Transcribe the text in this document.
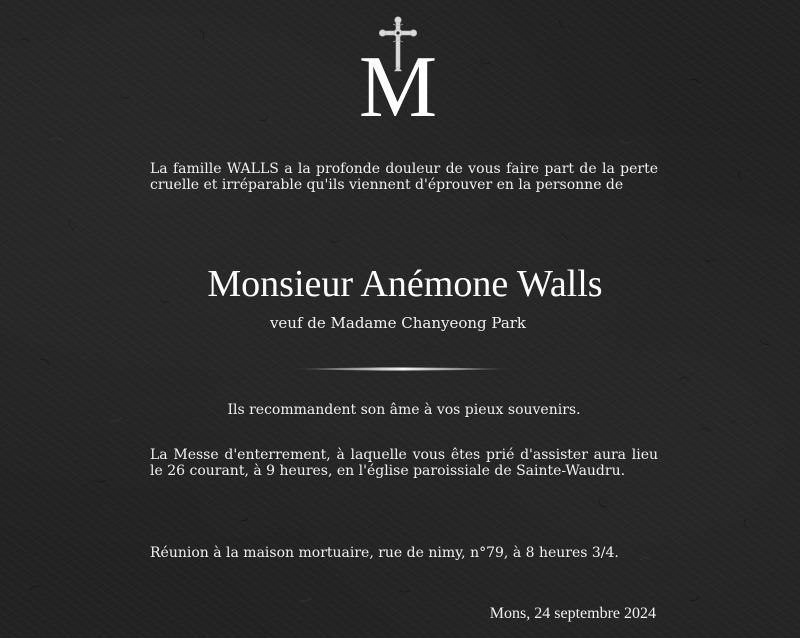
M
La famille WALLS a la profonde douleur de vous faire part de la perte cruelle et irréparable qu'ils viennent d'éprouver en la personne de
Monsieur Anémone Walls
veuf de Madame Chanyeong Park
Ils recommandent son âme à vos pieux souvenirs.
La Messe d'enterrement, à laquelle vous êtes prié d'assister aura lieu le 26 courant, à 9 heures, en l'église paroissiale de Sainte-Waudru.
Réunion à la maison mortuaire, rue de nimy, n°79, à 8 heures 3/4.
Mons, 24 septembre 2024
